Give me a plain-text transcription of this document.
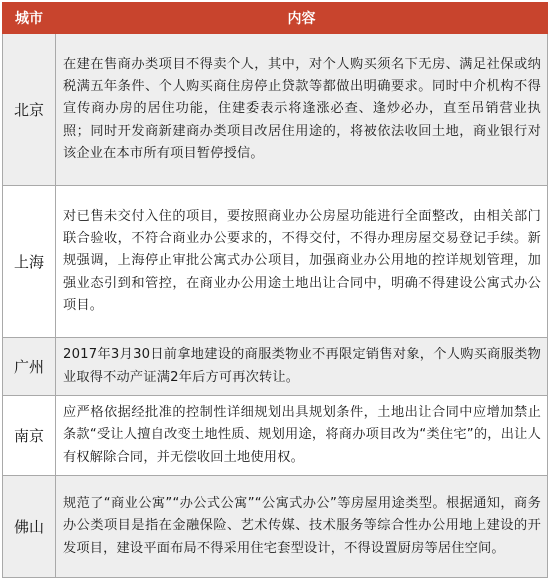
城市	内容
北京	在建在售商办类项目不得卖个人，其中，对个人购买须名下无房、满足社保或纳税满五年条件、个人购买商住房停止贷款等都做出明确要求。同时中介机构不得宣传商办房的居住功能，住建委表示将逢涨必查、逢炒必办，直至吊销营业执照；同时开发商新建商办类项目改居住用途的，将被依法收回土地，商业银行对该企业在本市所有项目暂停授信。
上海	对已售未交付入住的项目，要按照商业办公房屋功能进行全面整改，由相关部门联合验收，不符合商业办公要求的，不得交付，不得办理房屋交易登记手续。新规强调，上海停止审批公寓式办公项目，加强商业办公用地的控详规划管理，加强业态引到和管控，在商业办公用途土地出让合同中，明确不得建设公寓式办公项目。
广州	2017年3月30日前拿地建设的商服类物业不再限定销售对象，个人购买商服类物业取得不动产证满2年后方可再次转让。
南京	应严格依据经批准的控制性详细规划出具规划条件，土地出让合同中应增加禁止条款“受让人擅自改变土地性质、规划用途，将商办项目改为“类住宅”的，出让人有权解除合同，并无偿收回土地使用权。
佛山	规范了“商业公寓”“办公式公寓”“公寓式办公”等房屋用途类型。根据通知，商务办公类项目是指在金融保险、艺术传媒、技术服务等综合性办公用地上建设的开发项目，建设平面布局不得采用住宅套型设计，不得设置厨房等居住空间。
